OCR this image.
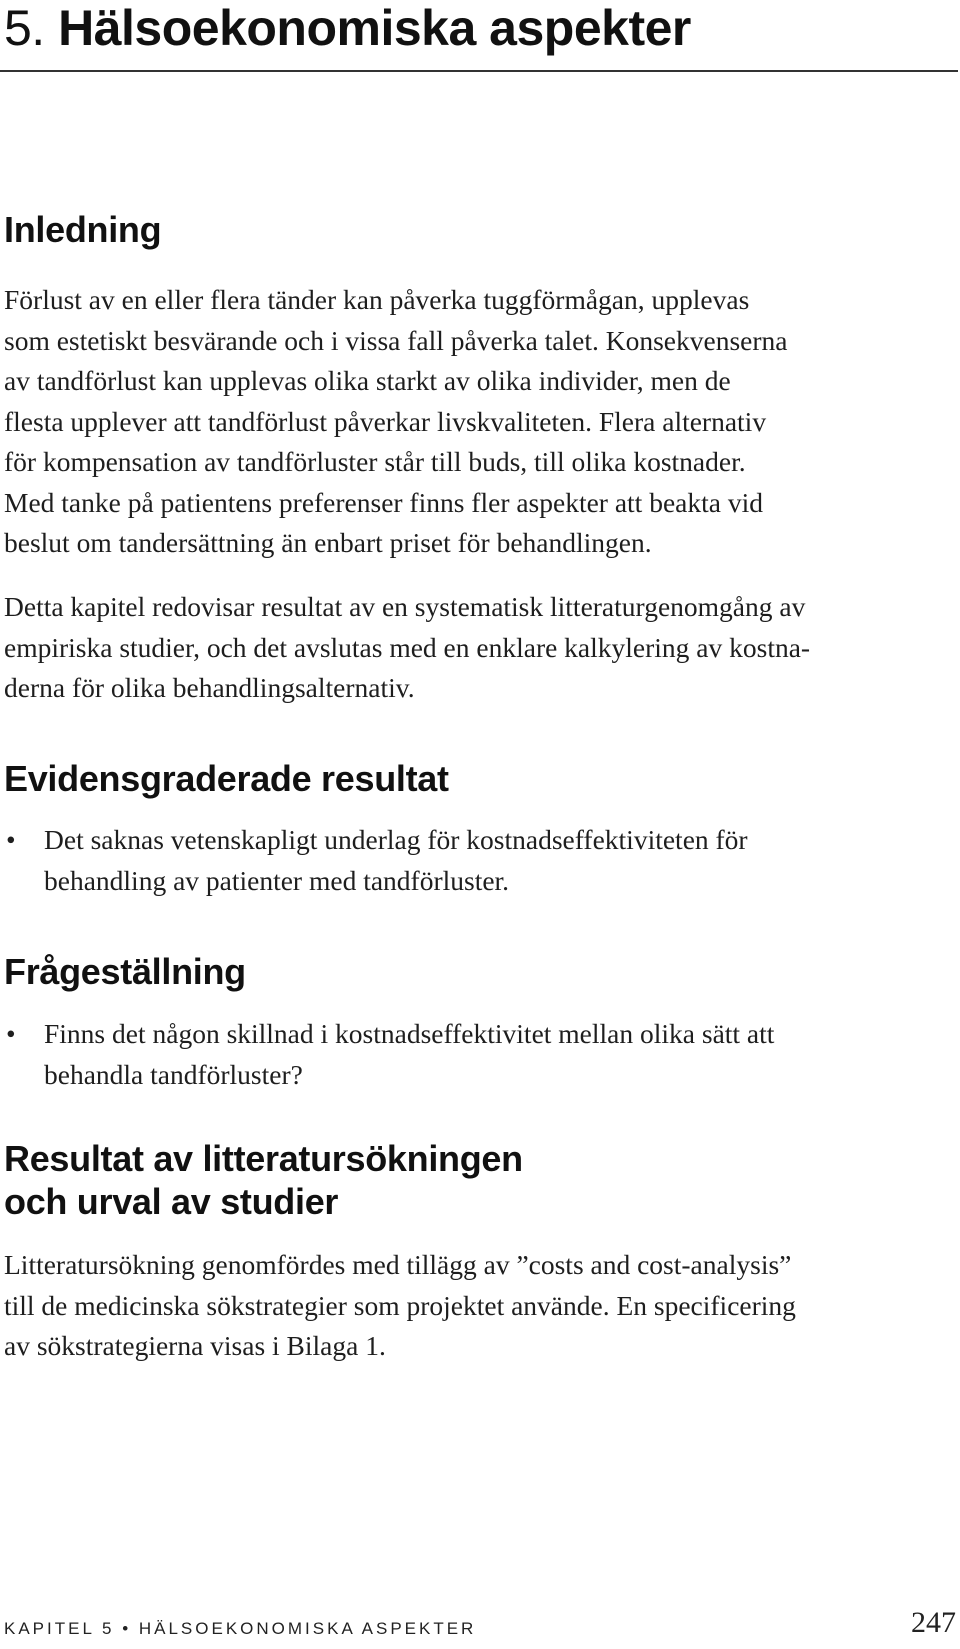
5. Hälsoekonomiska aspekter
Inledning
Förlust av en eller flera tänder kan påverka tuggförmågan, upplevas
som estetiskt besvärande och i vissa fall påverka talet. Konsekvenserna
av tandförlust kan upplevas olika starkt av olika individer, men de
flesta upplever att tandförlust påverkar livskvaliteten. Flera alternativ
för kompensation av tandförluster står till buds, till olika kostnader.
Med tanke på patientens preferenser finns fler aspekter att beakta vid
beslut om tandersättning än enbart priset för behandlingen.
Detta kapitel redovisar resultat av en systematisk litteraturgenomgång av
empiriska studier, och det avslutas med en enklare kalkylering av kostna-
derna för olika behandlingsalternativ.
Evidensgraderade resultat
• Det saknas vetenskapligt underlag för kostnadseffektiviteten för
behandling av patienter med tandförluster.
Frågeställning
• Finns det någon skillnad i kostnadseffektivitet mellan olika sätt att
behandla tandförluster?
Resultat av litteratursökningen
och urval av studier
Litteratursökning genomfördes med tillägg av ”costs and cost-analysis”
till de medicinska sökstrategier som projektet använde. En specificering
av sökstrategierna visas i Bilaga 1.
KAPITEL 5 • HÄLSOEKONOMISKA ASPEKTER	247
